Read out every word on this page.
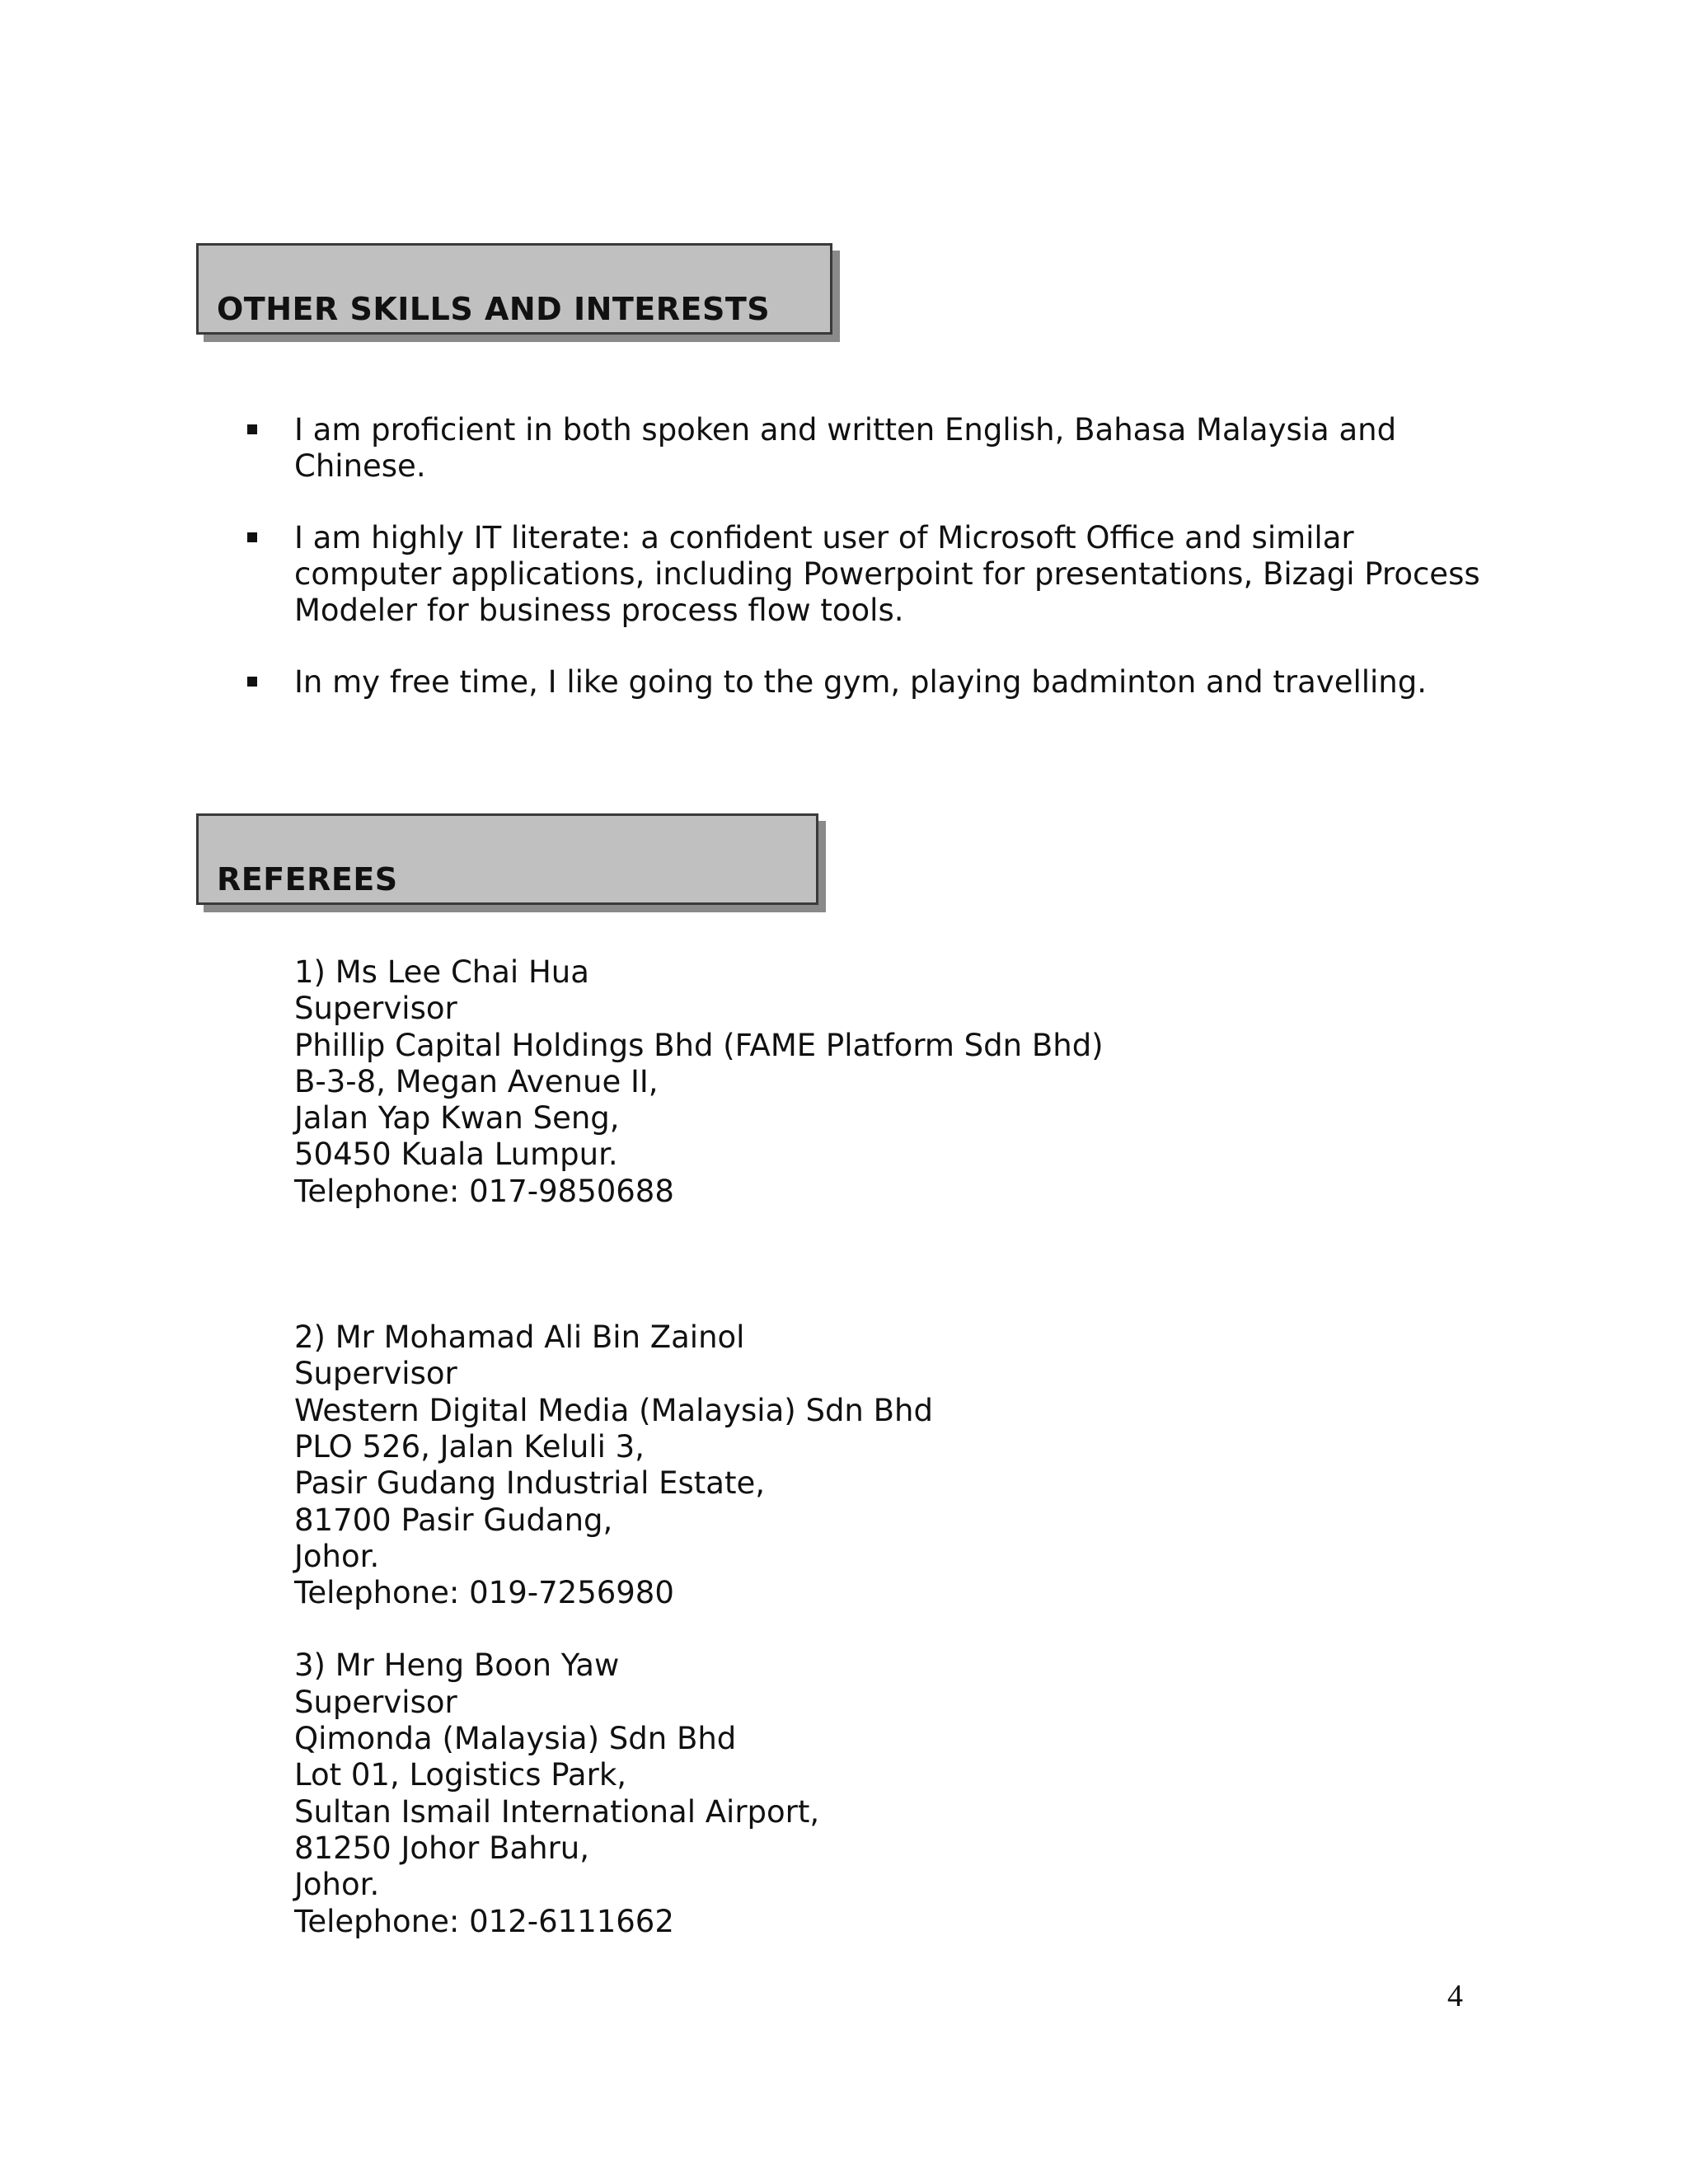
OTHER SKILLS AND INTERESTS
I am proficient in both spoken and written English, Bahasa Malaysia and Chinese.
I am highly IT literate: a confident user of Microsoft Office and similar computer applications, including Powerpoint for presentations, Bizagi Process Modeler for business process flow tools.
In my free time, I like going to the gym, playing badminton and travelling.
REFEREES
1) Ms Lee Chai Hua
Supervisor
Phillip Capital Holdings Bhd (FAME Platform Sdn Bhd)
B-3-8, Megan Avenue II,
Jalan Yap Kwan Seng,
50450 Kuala Lumpur.
Telephone: 017-9850688
2) Mr Mohamad Ali Bin Zainol
Supervisor
Western Digital Media (Malaysia) Sdn Bhd
PLO 526, Jalan Keluli 3,
Pasir Gudang Industrial Estate,
81700 Pasir Gudang,
Johor.
Telephone: 019-7256980
3) Mr Heng Boon Yaw
Supervisor
Qimonda (Malaysia) Sdn Bhd
Lot 01, Logistics Park,
Sultan Ismail International Airport,
81250 Johor Bahru,
Johor.
Telephone: 012-6111662
4
